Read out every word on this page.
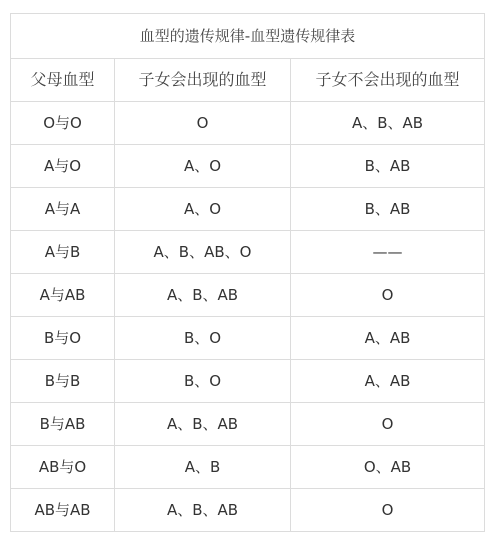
血型的遗传规律-血型遗传规律表		
父母血型	子女会出现的血型	子女不会出现的血型
O与O	O	A、B、AB
A与O	A、O	B、AB
A与A	A、O	B、AB
A与B	A、B、AB、O	——
A与AB	A、B、AB	O
B与O	B、O	A、AB
B与B	B、O	A、AB
B与AB	A、B、AB	O
AB与O	A、B	O、AB
AB与AB	A、B、AB	O
